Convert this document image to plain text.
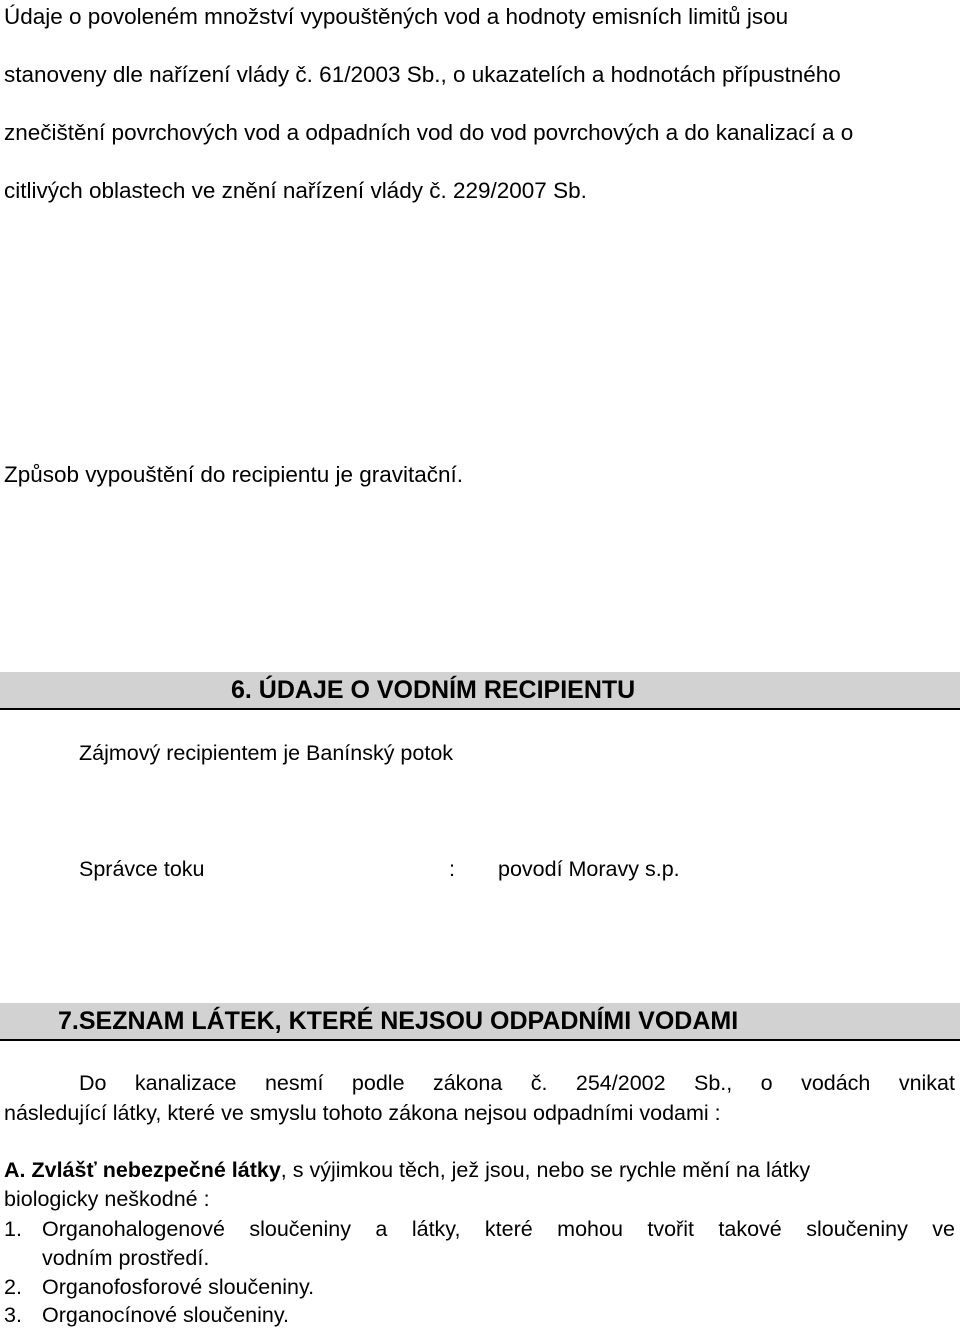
Údaje o povoleném množství vypouštěných vod a hodnoty emisních limitů jsou
stanoveny dle nařízení vlády č. 61/2003 Sb., o ukazatelích a hodnotách přípustného
znečištění povrchových vod a odpadních vod do vod povrchových a do kanalizací a o
citlivých oblastech ve znění nařízení vlády č. 229/2007 Sb.
Způsob vypouštění do recipientu je gravitační.
6. ÚDAJE O VODNÍM RECIPIENTU
Zájmový recipientem je Banínský potok
Správce toku	: povodí Moravy s.p.
7.SEZNAM LÁTEK, KTERÉ NEJSOU ODPADNÍMI VODAMI
Do kanalizace nesmí podle zákona č. 254/2002 Sb., o vodách vnikat
následující látky, které ve smyslu tohoto zákona nejsou odpadními vodami :
A. Zvlášť nebezpečné látky, s výjimkou těch, jež jsou, nebo se rychle mění na látky
biologicky neškodné :
1. Organohalogenové sloučeniny a látky, které mohou tvořit takové sloučeniny ve
vodním prostředí.
2. Organofosforové sloučeniny.
3. Organocínové sloučeniny.
